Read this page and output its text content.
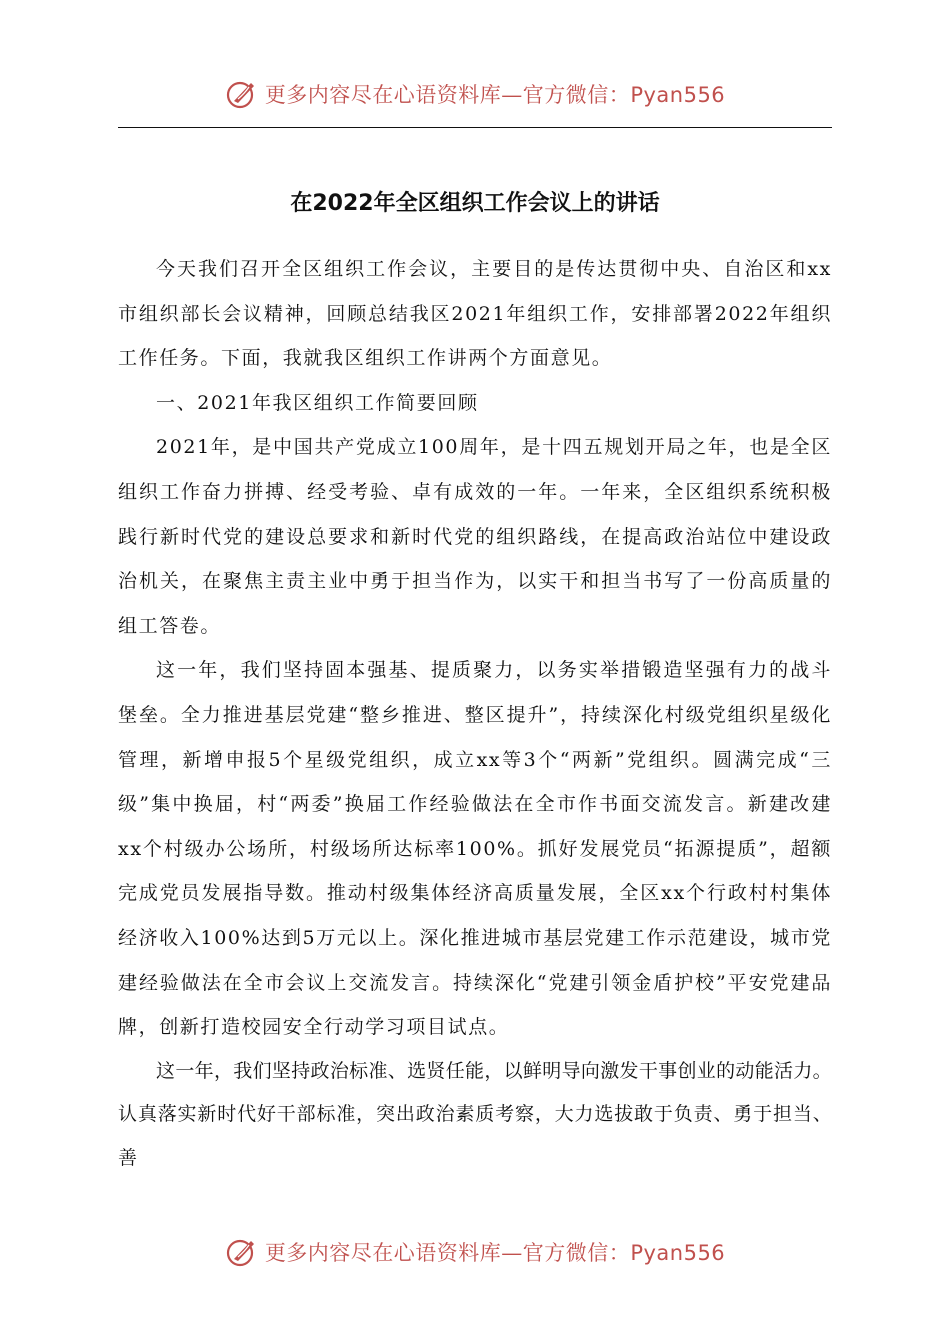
更多内容尽在心语资料库—官方微信：Pyan556
在2022年全区组织工作会议上的讲话

今天我们召开全区组织工作会议，主要目的是传达贯彻中央、自治区和xx市组织部长会议精神，回顾总结我区2021年组织工作，安排部署2022年组织工作任务。下面，我就我区组织工作讲两个方面意见。

一、2021年我区组织工作简要回顾

2021年，是中国共产党成立100周年，是十四五规划开局之年，也是全区组织工作奋力拼搏、经受考验、卓有成效的一年。一年来，全区组织系统积极践行新时代党的建设总要求和新时代党的组织路线，在提高政治站位中建设政治机关，在聚焦主责主业中勇于担当作为，以实干和担当书写了一份高质量的组工答卷。

这一年，我们坚持固本强基、提质聚力，以务实举措锻造坚强有力的战斗堡垒。全力推进基层党建“整乡推进、整区提升”，持续深化村级党组织星级化管理，新增申报5个星级党组织，成立xx等3个“两新”党组织。圆满完成“三级”集中换届，村“两委”换届工作经验做法在全市作书面交流发言。新建改建xx个村级办公场所，村级场所达标率100%。抓好发展党员“拓源提质”，超额完成党员发展指导数。推动村级集体经济高质量发展，全区xx个行政村村集体经济收入100%达到5万元以上。深化推进城市基层党建工作示范建设，城市党建经验做法在全市会议上交流发言。持续深化“党建引领金盾护校”平安党建品牌，创新打造校园安全行动学习项目试点。

这一年，我们坚持政治标准、选贤任能，以鲜明导向激发干事创业的动能活力。认真落实新时代好干部标准，突出政治素质考察，大力选拔敢于负责、勇于担当、善

更多内容尽在心语资料库—官方微信：Pyan556
